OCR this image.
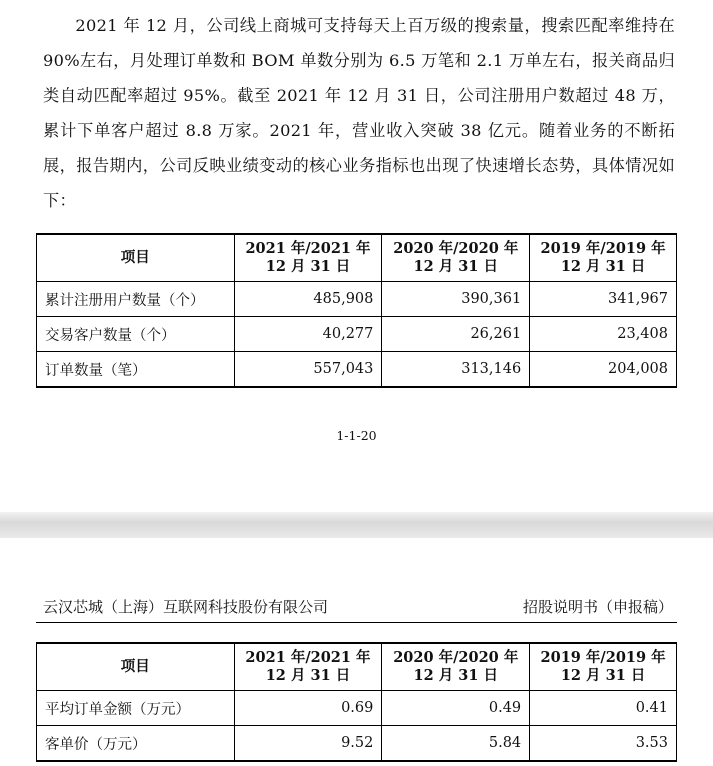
2021 年 12 月，公司线上商城可支持每天上百万级的搜索量，搜索匹配率维持在 90%左右，月处理订单数和 BOM 单数分别为 6.5 万笔和 2.1 万单左右，报关商品归类自动匹配率超过 95%。截至 2021 年 12 月 31 日，公司注册用户数超过 48 万，累计下单客户超过 8.8 万家。2021 年，营业收入突破 38 亿元。随着业务的不断拓展，报告期内，公司反映业绩变动的核心业务指标也出现了快速增长态势，具体情况如下：

项目	2021 年/2021 年 12 月 31 日	2020 年/2020 年 12 月 31 日	2019 年/2019 年 12 月 31 日
累计注册用户数量（个）	485,908	390,361	341,967
交易客户数量（个）	40,277	26,261	23,408
订单数量（笔）	557,043	313,146	204,008
1-1-20
云汉芯城（上海）互联网科技股份有限公司	招股说明书（申报稿）
项目	2021 年/2021 年 12 月 31 日	2020 年/2020 年 12 月 31 日	2019 年/2019 年 12 月 31 日
平均订单金额（万元）	0.69	0.49	0.41
客单价（万元）	9.52	5.84	3.53
